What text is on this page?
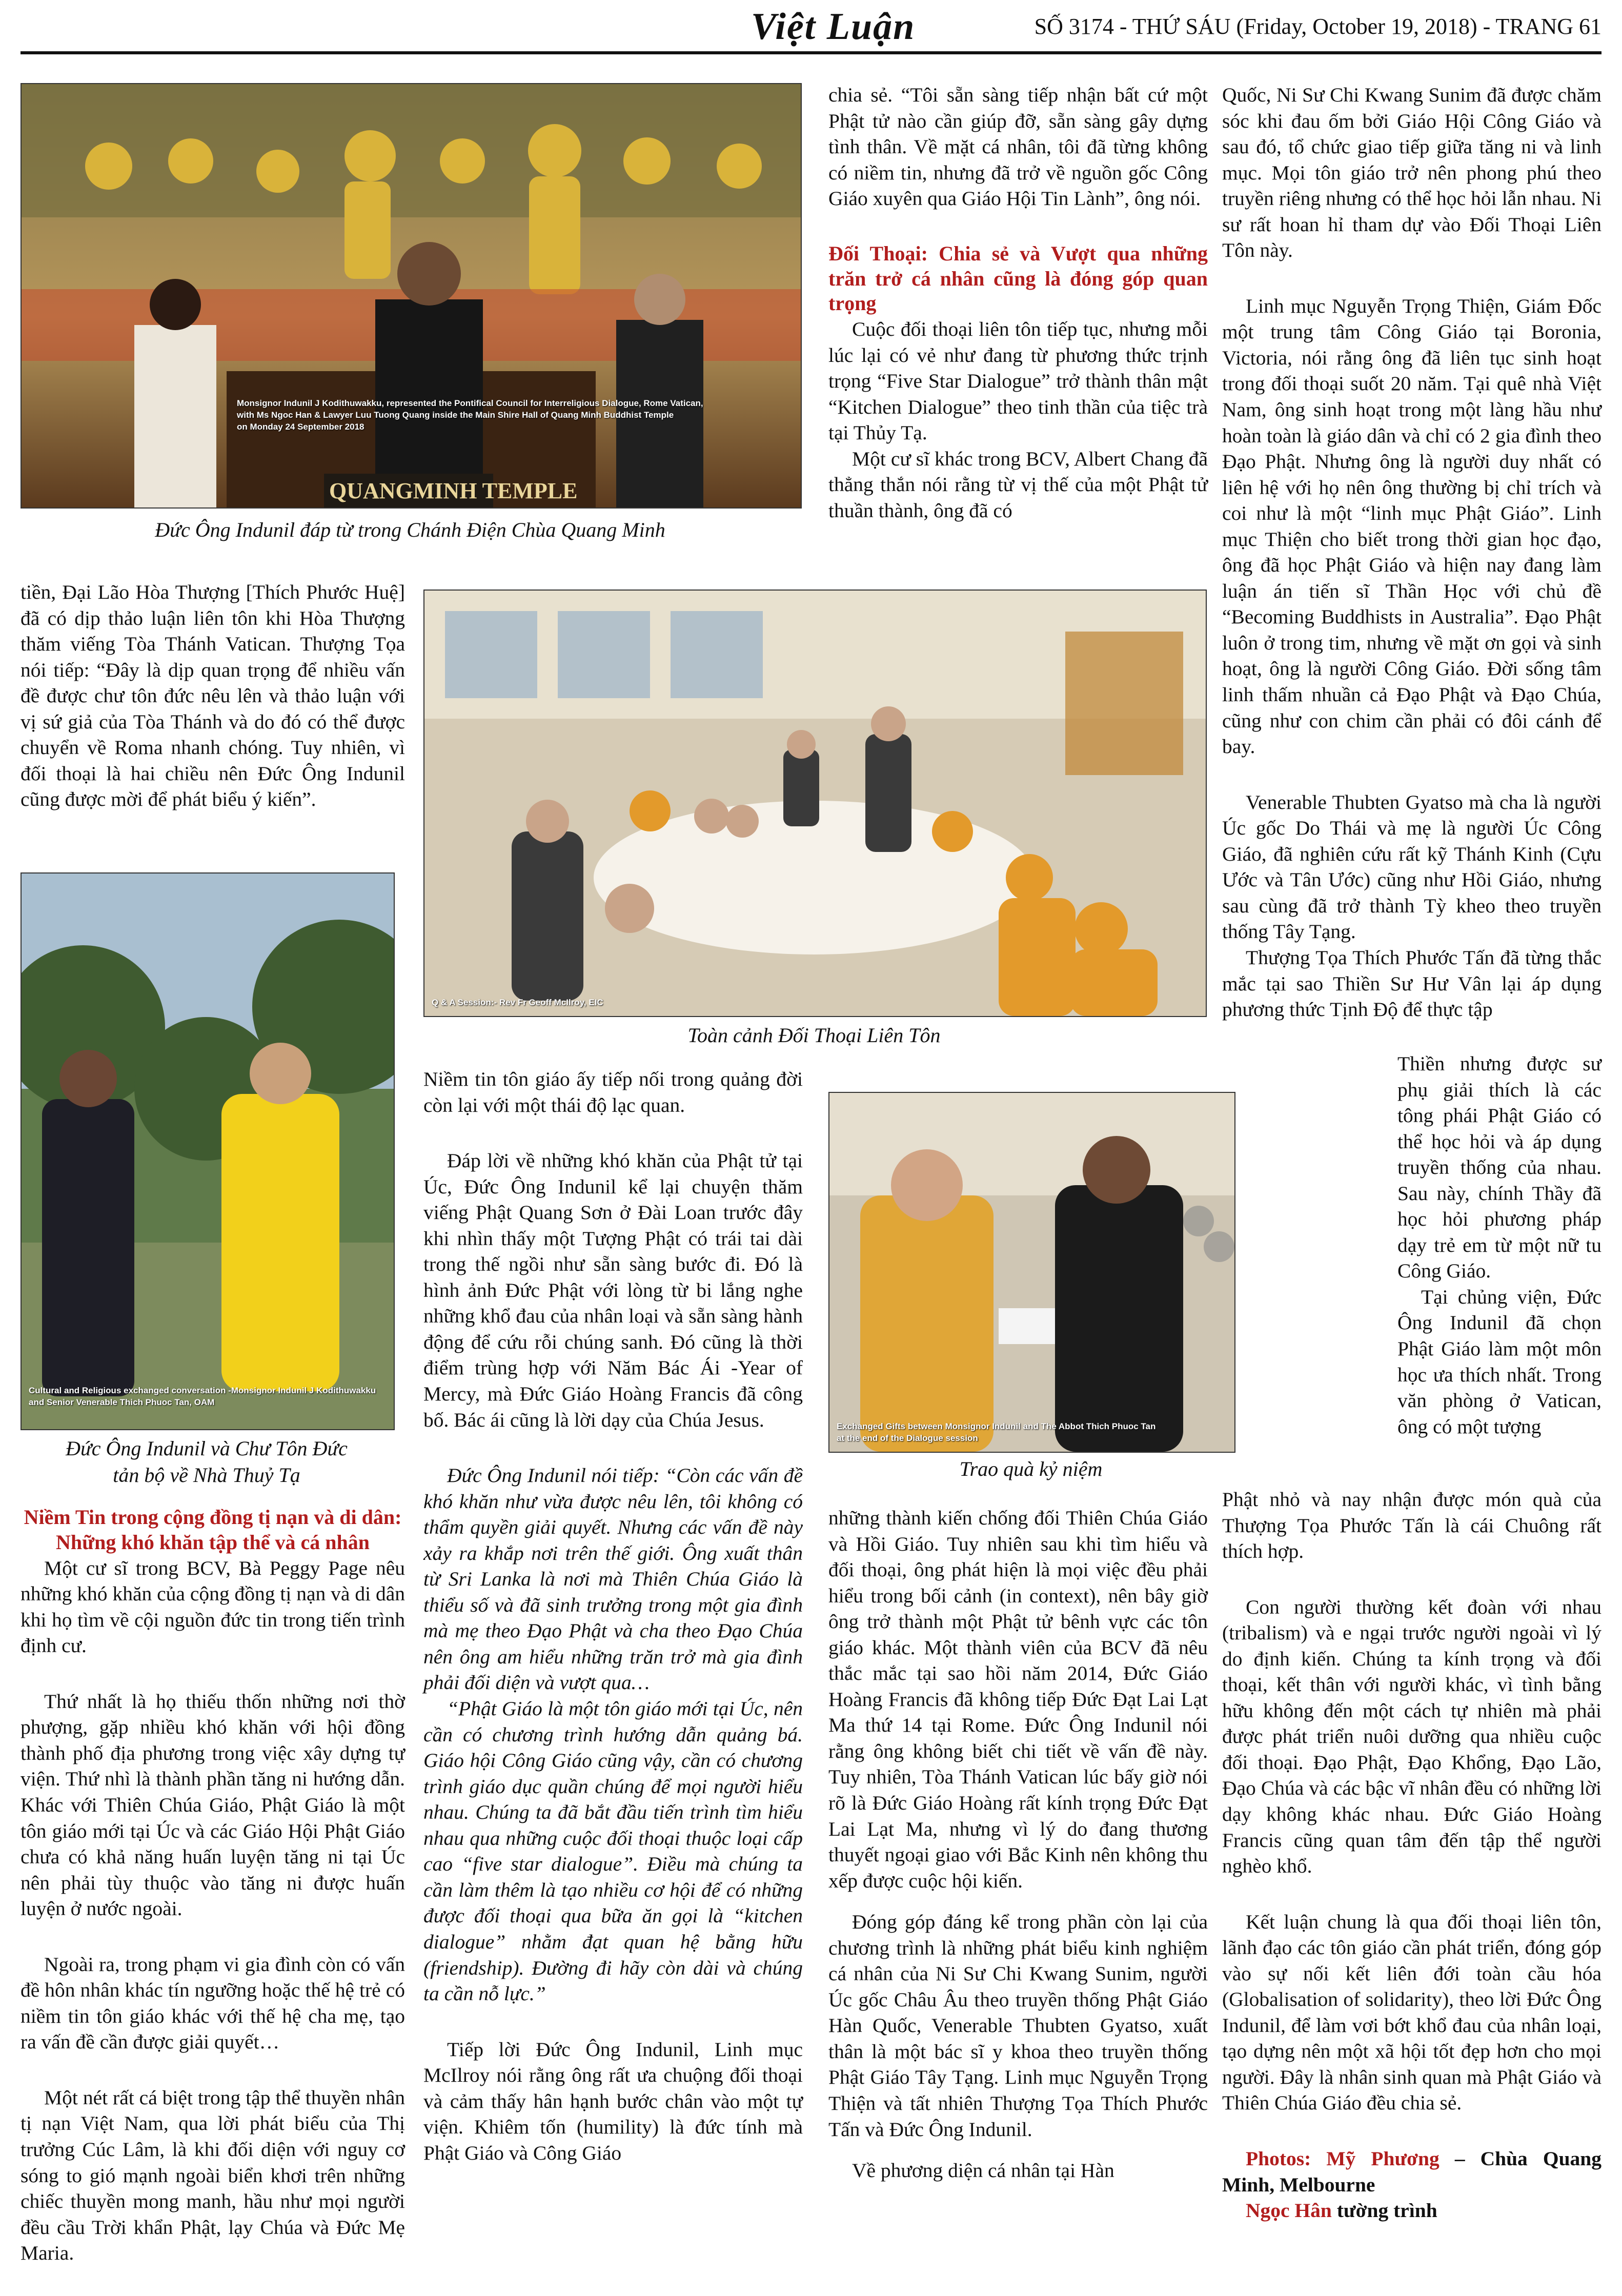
Việt Luận	SỐ 3174 - THỨ SÁU (Friday, October 19, 2018) - TRANG 61
QUANGMINH TEMPLE
Monsignor Indunil J Kodithuwakku, represented the Pontifical Council for Interreligious Dialogue, Rome Vatican,
with Ms Ngoc Han & Lawyer Luu Tuong Quang inside the Main Shire Hall of Quang Minh Buddhist Temple
on Monday 24 September 2018
Đức Ông Indunil đáp từ trong Chánh Điện Chùa Quang Minh
Q & A Session:- Rev Fr Geoff McIlroy, EIC
Toàn cảnh Đối Thoại Liên Tôn
Cultural and Religious exchanged conversation -Monsignor Indunil J Kodithuwakku
and Senior Venerable Thich Phuoc Tan, OAM
Đức Ông Indunil và Chư Tôn Đức
tản bộ về Nhà Thuỷ Tạ
Exchanged Gifts between Monsignor Indunil and The Abbot Thich Phuoc Tan
at the end of the Dialogue session
Trao quà kỷ niệm

tiền, Đại Lão Hòa Thượng [Thích Phước Huệ] đã có dịp thảo luận liên tôn khi Hòa Thượng thăm viếng Tòa Thánh Vatican. Thượng Tọa nói tiếp: “Đây là dịp quan trọng để nhiều vấn đề được chư tôn đức nêu lên và thảo luận với vị sứ giả của Tòa Thánh và do đó có thể được chuyển về Roma nhanh chóng. Tuy nhiên, vì đối thoại là hai chiều nên Đức Ông Indunil cũng được mời để phát biểu ý kiến”.

Niềm Tin trong cộng đồng tị nạn và di dân: Những khó khăn tập thể và cá nhân

Một cư sĩ trong BCV, Bà Peggy Page nêu những khó khăn của cộng đồng tị nạn và di dân khi họ tìm về cội nguồn đức tin trong tiến trình định cư.

Thứ nhất là họ thiếu thốn những nơi thờ phượng, gặp nhiều khó khăn với hội đồng thành phố địa phương trong việc xây dựng tự viện. Thứ nhì là thành phần tăng ni hướng dẫn. Khác với Thiên Chúa Giáo, Phật Giáo là một tôn giáo mới tại Úc và các Giáo Hội Phật Giáo chưa có khả năng huấn luyện tăng ni tại Úc nên phải tùy thuộc vào tăng ni được huấn luyện ở nước ngoài.

Ngoài ra, trong phạm vi gia đình còn có vấn đề hôn nhân khác tín ngưỡng hoặc thế hệ trẻ có niềm tin tôn giáo khác với thế hệ cha mẹ, tạo ra vấn đề cần được giải quyết…

Một nét rất cá biệt trong tập thể thuyền nhân tị nạn Việt Nam, qua lời phát biểu của Thị trưởng Cúc Lâm, là khi đối diện với nguy cơ sóng to gió mạnh ngoài biển khơi trên những chiếc thuyền mong manh, hầu như mọi người đều cầu Trời khẩn Phật, lạy Chúa và Đức Mẹ Maria.

Niềm tin tôn giáo ấy tiếp nối trong quảng đời còn lại với một thái độ lạc quan.

Đáp lời về những khó khăn của Phật tử tại Úc, Đức Ông Indunil kể lại chuyện thăm viếng Phật Quang Sơn ở Đài Loan trước đây khi nhìn thấy một Tượng Phật có trái tai dài trong thế ngồi như sẵn sàng bước đi. Đó là hình ảnh Đức Phật với lòng từ bi lắng nghe những khổ đau của nhân loại và sẵn sàng hành động để cứu rỗi chúng sanh. Đó cũng là thời điểm trùng hợp với Năm Bác Ái -Year of Mercy, mà Đức Giáo Hoàng Francis đã công bố. Bác ái cũng là lời dạy của Chúa Jesus.

Đức Ông Indunil nói tiếp: “Còn các vấn đề khó khăn như vừa được nêu lên, tôi không có thẩm quyền giải quyết. Nhưng các vấn đề này xảy ra khắp nơi trên thế giới. Ông xuất thân từ Sri Lanka là nơi mà Thiên Chúa Giáo là thiểu số và đã sinh trưởng trong một gia đình mà mẹ theo Đạo Phật và cha theo Đạo Chúa nên ông am hiểu những trăn trở mà gia đình phải đối diện và vượt qua…

“Phật Giáo là một tôn giáo mới tại Úc, nên cần có chương trình hướng dẫn quảng bá. Giáo hội Công Giáo cũng vậy, cần có chương trình giáo dục quần chúng để mọi người hiểu nhau. Chúng ta đã bắt đầu tiến trình tìm hiểu nhau qua những cuộc đối thoại thuộc loại cấp cao “five star dialogue”. Điều mà chúng ta cần làm thêm là tạo nhiều cơ hội để có những được đối thoại qua bữa ăn gọi là “kitchen dialogue” nhằm đạt quan hệ bằng hữu (friendship). Đường đi hãy còn dài và chúng ta cần nỗ lực.”

Tiếp lời Đức Ông Indunil, Linh mục McIlroy nói rằng ông rất ưa chuộng đối thoại và cảm thấy hân hạnh bước chân vào một tự viện. Khiêm tốn (humility) là đức tính mà Phật Giáo và Công Giáo

chia sẻ. “Tôi sẵn sàng tiếp nhận bất cứ một Phật tử nào cần giúp đỡ, sẵn sàng gây dựng tình thân. Về mặt cá nhân, tôi đã từng không có niềm tin, nhưng đã trở về nguồn gốc Công Giáo xuyên qua Giáo Hội Tin Lành”, ông nói.

Đối Thoại: Chia sẻ và Vượt qua những trăn trở cá nhân cũng là đóng góp quan trọng

Cuộc đối thoại liên tôn tiếp tục, nhưng mỗi lúc lại có vẻ như đang từ phương thức trịnh trọng “Five Star Dialogue” trở thành thân mật “Kitchen Dialogue” theo tinh thần của tiệc trà tại Thủy Tạ.

Một cư sĩ khác trong BCV, Albert Chang đã thẳng thắn nói rằng từ vị thế của một Phật tử thuần thành, ông đã có

những thành kiến chống đối Thiên Chúa Giáo và Hồi Giáo. Tuy nhiên sau khi tìm hiểu và đối thoại, ông phát hiện là mọi việc đều phải hiểu trong bối cảnh (in context), nên bây giờ ông trở thành một Phật tử bênh vực các tôn giáo khác. Một thành viên của BCV đã nêu thắc mắc tại sao hồi năm 2014, Đức Giáo Hoàng Francis đã không tiếp Đức Đạt Lai Lạt Ma thứ 14 tại Rome. Đức Ông Indunil nói rằng ông không biết chi tiết về vấn đề này. Tuy nhiên, Tòa Thánh Vatican lúc bấy giờ nói rõ là Đức Giáo Hoàng rất kính trọng Đức Đạt Lai Lạt Ma, nhưng vì lý do đang thương thuyết ngoại giao với Bắc Kinh nên không thu xếp được cuộc hội kiến.

Đóng góp đáng kể trong phần còn lại của chương trình là những phát biểu kinh nghiệm cá nhân của Ni Sư Chi Kwang Sunim, người Úc gốc Châu Âu theo truyền thống Phật Giáo Hàn Quốc, Venerable Thubten Gyatso, xuất thân là một bác sĩ y khoa theo truyền thống Phật Giáo Tây Tạng. Linh mục Nguyễn Trọng Thiện và tất nhiên Thượng Tọa Thích Phước Tấn và Đức Ông Indunil.

Về phương diện cá nhân tại Hàn

Quốc, Ni Sư Chi Kwang Sunim đã được chăm sóc khi đau ốm bởi Giáo Hội Công Giáo và sau đó, tổ chức giao tiếp giữa tăng ni và linh mục. Mọi tôn giáo trở nên phong phú theo truyền riêng nhưng có thể học hỏi lẫn nhau. Ni sư rất hoan hỉ tham dự vào Đối Thoại Liên Tôn này.

Linh mục Nguyễn Trọng Thiện, Giám Đốc một trung tâm Công Giáo tại Boronia, Victoria, nói rằng ông đã liên tục sinh hoạt trong đối thoại suốt 20 năm. Tại quê nhà Việt Nam, ông sinh hoạt trong một làng hầu như hoàn toàn là giáo dân và chỉ có 2 gia đình theo Đạo Phật. Nhưng ông là người duy nhất có liên hệ với họ nên ông thường bị chỉ trích và coi như là một “linh mục Phật Giáo”. Linh mục Thiện cho biết trong thời gian học đạo, ông đã học Phật Giáo và hiện nay đang làm luận án tiến sĩ Thần Học với chủ đề “Becoming Buddhists in Australia”. Đạo Phật luôn ở trong tim, nhưng về mặt ơn gọi và sinh hoạt, ông là người Công Giáo. Đời sống tâm linh thấm nhuần cả Đạo Phật và Đạo Chúa, cũng như con chim cần phải có đôi cánh để bay.

Venerable Thubten Gyatso mà cha là người Úc gốc Do Thái và mẹ là người Úc Công Giáo, đã nghiên cứu rất kỹ Thánh Kinh (Cựu Ước và Tân Ước) cũng như Hồi Giáo, nhưng sau cùng đã trở thành Tỳ kheo theo truyền thống Tây Tạng.

Thượng Tọa Thích Phước Tấn đã từng thắc mắc tại sao Thiền Sư Hư Vân lại áp dụng phương thức Tịnh Độ để thực tập

Thiền nhưng được sư phụ giải thích là các tông phái Phật Giáo có thể học hỏi và áp dụng truyền thống của nhau. Sau này, chính Thầy đã học hỏi phương pháp dạy trẻ em từ một nữ tu Công Giáo.

Tại chủng viện, Đức Ông Indunil đã chọn Phật Giáo làm một môn học ưa thích nhất. Trong văn phòng ở Vatican, ông có một tượng

Phật nhỏ và nay nhận được món quà của Thượng Tọa Phước Tấn là cái Chuông rất thích hợp.

Con người thường kết đoàn với nhau (tribalism) và e ngại trước người ngoài vì lý do định kiến. Chúng ta kính trọng và đối thoại, kết thân với người khác, vì tình bằng hữu không đến một cách tự nhiên mà phải được phát triển nuôi dưỡng qua nhiều cuộc đối thoại. Đạo Phật, Đạo Khổng, Đạo Lão, Đạo Chúa và các bậc vĩ nhân đều có những lời dạy không khác nhau. Đức Giáo Hoàng Francis cũng quan tâm đến tập thể người nghèo khổ.

Kết luận chung là qua đối thoại liên tôn, lãnh đạo các tôn giáo cần phát triển, đóng góp vào sự nối kết liên đới toàn cầu hóa (Globalisation of solidarity), theo lời Đức Ông Indunil, để làm vơi bớt khổ đau của nhân loại, tạo dựng nên một xã hội tốt đẹp hơn cho mọi người. Đây là nhân sinh quan mà Phật Giáo và Thiên Chúa Giáo đều chia sẻ.

Photos: Mỹ Phương – Chùa Quang Minh, Melbourne

Ngọc Hân tường trình
